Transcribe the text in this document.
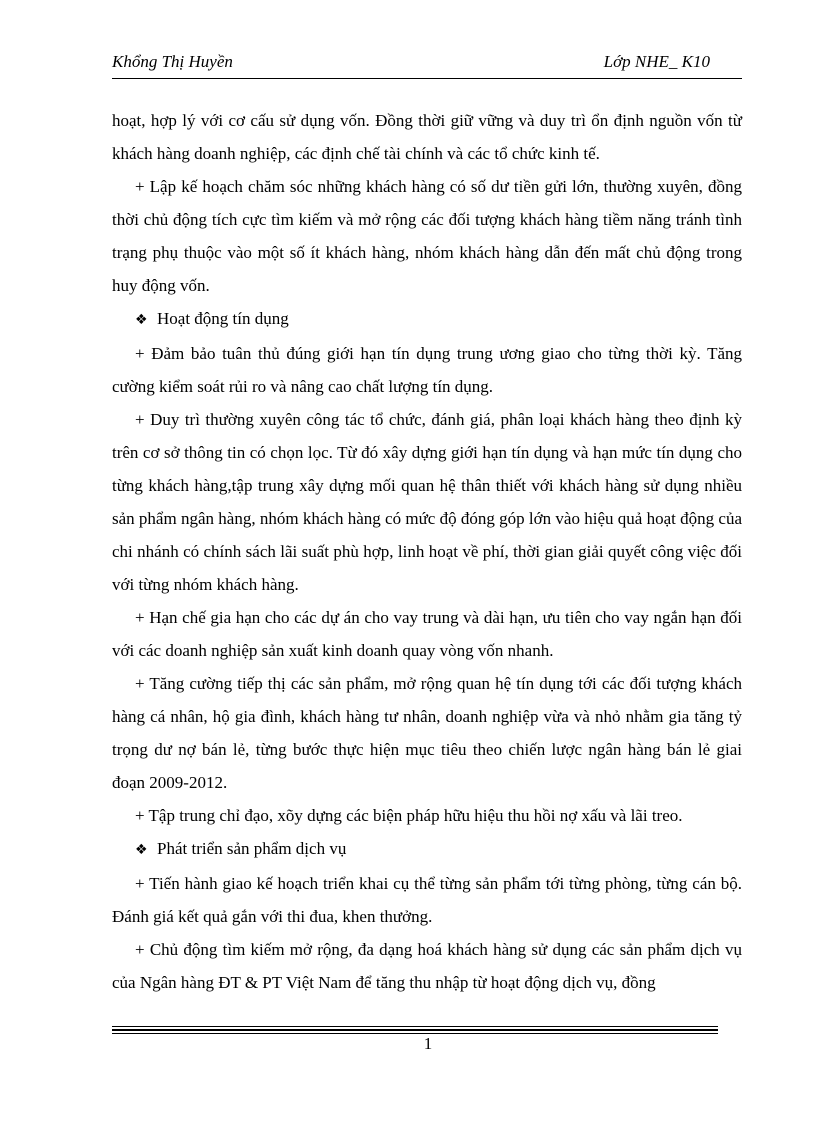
Khổng Thị Huyền	Lớp NHE_ K10

hoạt, hợp lý với cơ cấu sử dụng vốn. Đồng thời giữ vững và duy trì ổn định nguồn vốn từ khách hàng doanh nghiệp, các định chế tài chính và các tổ chức kinh tế.

+ Lập kế hoạch chăm sóc những khách hàng có số dư tiền gửi lớn, thường xuyên, đồng thời chủ động tích cực tìm kiếm và mở rộng các đối tượng khách hàng tiềm năng tránh tình trạng phụ thuộc vào một số ít khách hàng, nhóm khách hàng dẫn đến mất chủ động trong huy động vốn.

❖ Hoạt động tín dụng

+ Đảm bảo tuân thủ đúng giới hạn tín dụng trung ương giao cho từng thời kỳ. Tăng cường kiểm soát rủi ro và nâng cao chất lượng tín dụng.

+ Duy trì thường xuyên công tác tổ chức, đánh giá, phân loại khách hàng theo định kỳ trên cơ sở thông tin có chọn lọc. Từ đó xây dựng giới hạn tín dụng và hạn mức tín dụng cho từng khách hàng,tập trung xây dựng mối quan hệ thân thiết với khách hàng sử dụng nhiều sản phẩm ngân hàng, nhóm khách hàng có mức độ đóng góp lớn vào hiệu quả hoạt động của chi nhánh có chính sách lãi suất phù hợp, linh hoạt về phí, thời gian giải quyết công việc đối với từng nhóm khách hàng.

+ Hạn chế gia hạn cho các dự án cho vay trung và dài hạn, ưu tiên cho vay ngắn hạn đối với các doanh nghiệp sản xuất kinh doanh quay vòng vốn nhanh.

+ Tăng cường tiếp thị các sản phẩm, mở rộng quan hệ tín dụng tới các đối tượng khách hàng cá nhân, hộ gia đình, khách hàng tư nhân, doanh nghiệp vừa và nhỏ nhằm gia tăng tỷ trọng dư nợ bán lẻ, từng bước thực hiện mục tiêu theo chiến lược ngân hàng bán lẻ giai đoạn 2009-2012.

+ Tập trung chỉ đạo, xõy dựng các biện pháp hữu hiệu thu hồi nợ xấu và lãi treo.

❖ Phát triển sản phẩm dịch vụ

+ Tiến hành giao kế hoạch triển khai cụ thể từng sản phẩm tới từng phòng, từng cán bộ. Đánh giá kết quả gắn với thi đua, khen thưởng.

+ Chủ động tìm kiếm mở rộng, đa dạng hoá khách hàng sử dụng các sản phẩm dịch vụ của Ngân hàng ĐT & PT Việt Nam để tăng thu nhập từ hoạt động dịch vụ, đồng

1
